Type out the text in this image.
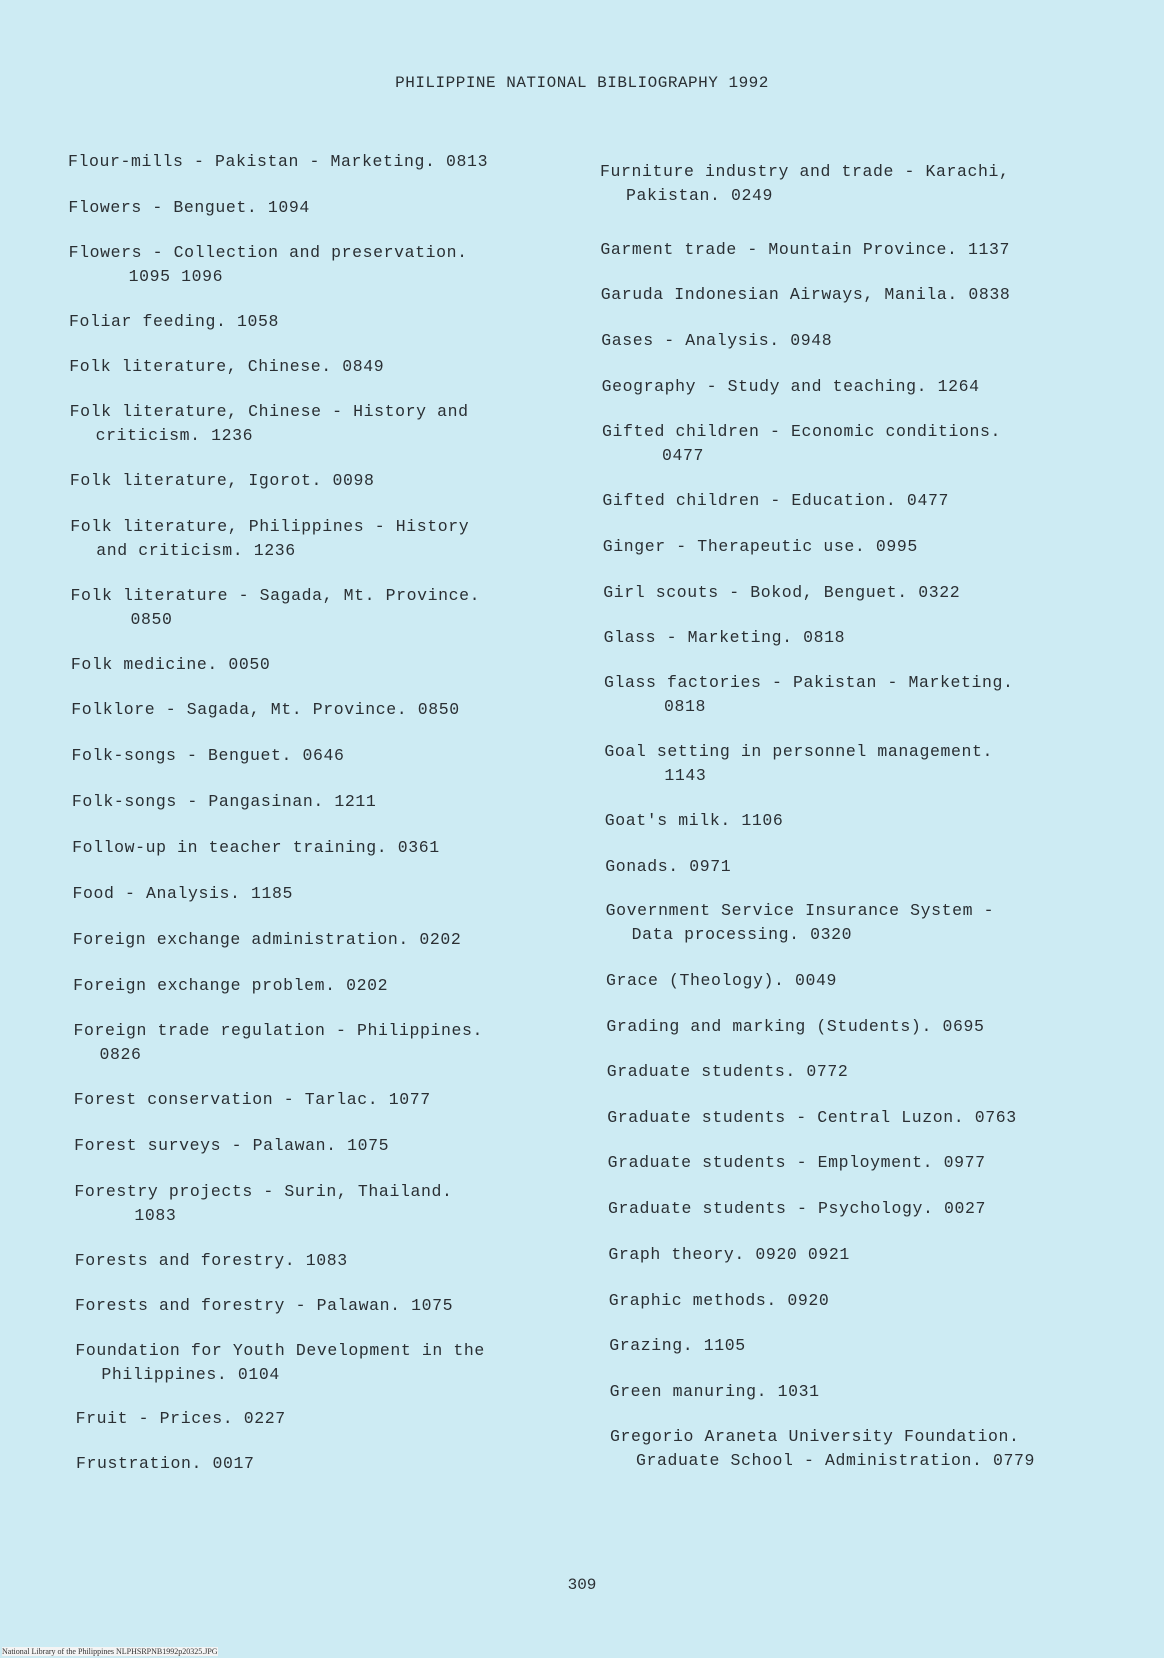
PHILIPPINE NATIONAL BIBLIOGRAPHY 1992
Flour-mills - Pakistan - Marketing. 0813
Flowers - Benguet. 1094
Flowers - Collection and preservation.
1095 1096
Foliar feeding. 1058
Folk literature, Chinese. 0849
Folk literature, Chinese - History and
criticism. 1236
Folk literature, Igorot. 0098
Folk literature, Philippines - History
and criticism. 1236
Folk literature - Sagada, Mt. Province.
0850
Folk medicine. 0050
Folklore - Sagada, Mt. Province. 0850
Folk-songs - Benguet. 0646
Folk-songs - Pangasinan. 1211
Follow-up in teacher training. 0361
Food - Analysis. 1185
Foreign exchange administration. 0202
Foreign exchange problem. 0202
Foreign trade regulation - Philippines.
0826
Forest conservation - Tarlac. 1077
Forest surveys - Palawan. 1075
Forestry projects - Surin, Thailand.
1083
Forests and forestry. 1083
Forests and forestry - Palawan. 1075
Foundation for Youth Development in the
Philippines. 0104
Fruit - Prices. 0227
Frustration. 0017
Furniture industry and trade - Karachi,
Pakistan. 0249
Garment trade - Mountain Province. 1137
Garuda Indonesian Airways, Manila. 0838
Gases - Analysis. 0948
Geography - Study and teaching. 1264
Gifted children - Economic conditions.
0477
Gifted children - Education. 0477
Ginger - Therapeutic use. 0995
Girl scouts - Bokod, Benguet. 0322
Glass - Marketing. 0818
Glass factories - Pakistan - Marketing.
0818
Goal setting in personnel management.
1143
Goat's milk. 1106
Gonads. 0971
Government Service Insurance System -
Data processing. 0320
Grace (Theology). 0049
Grading and marking (Students). 0695
Graduate students. 0772
Graduate students - Central Luzon. 0763
Graduate students - Employment. 0977
Graduate students - Psychology. 0027
Graph theory. 0920 0921
Graphic methods. 0920
Grazing. 1105
Green manuring. 1031
Gregorio Araneta University Foundation.
Graduate School - Administration. 0779
309
National Library of the Philippines NLPHSRPNB1992p20325.JPG
